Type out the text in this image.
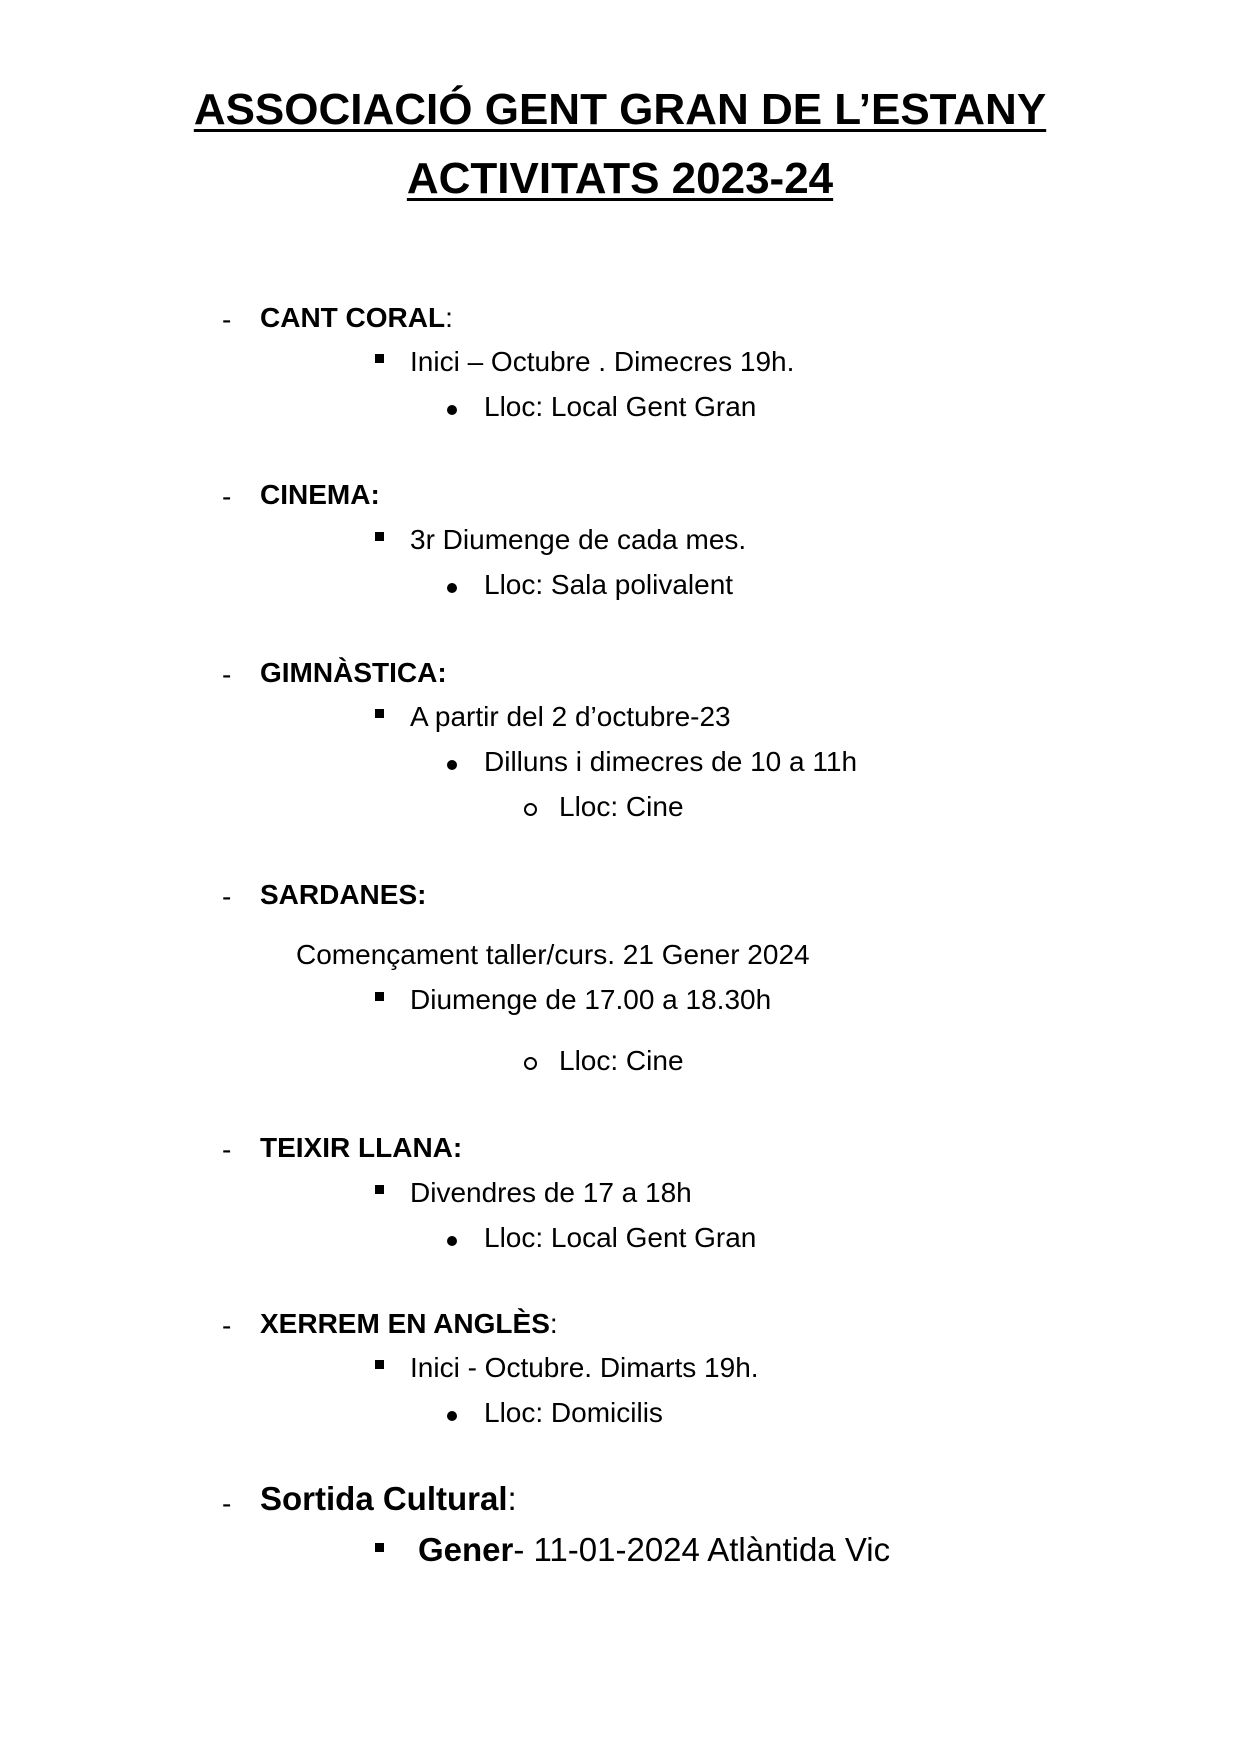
ASSOCIACIÓ GENT GRAN DE L’ESTANY
ACTIVITATS 2023-24
- CANT CORAL:
Inici – Octubre . Dimecres 19h.
Lloc: Local Gent Gran
- CINEMA:
3r Diumenge de cada mes.
Lloc: Sala polivalent
- GIMNÀSTICA:
A partir del 2 d’octubre-23
Dilluns i dimecres de 10 a 11h
Lloc: Cine
- SARDANES:
Començament taller/curs. 21 Gener 2024
Diumenge de 17.00 a 18.30h
Lloc: Cine
- TEIXIR LLANA:
Divendres de 17 a 18h
Lloc: Local Gent Gran
- XERREM EN ANGLÈS:
Inici - Octubre. Dimarts 19h.
Lloc: Domicilis
- Sortida Cultural:
Gener- 11-01-2024 Atlàntida Vic
